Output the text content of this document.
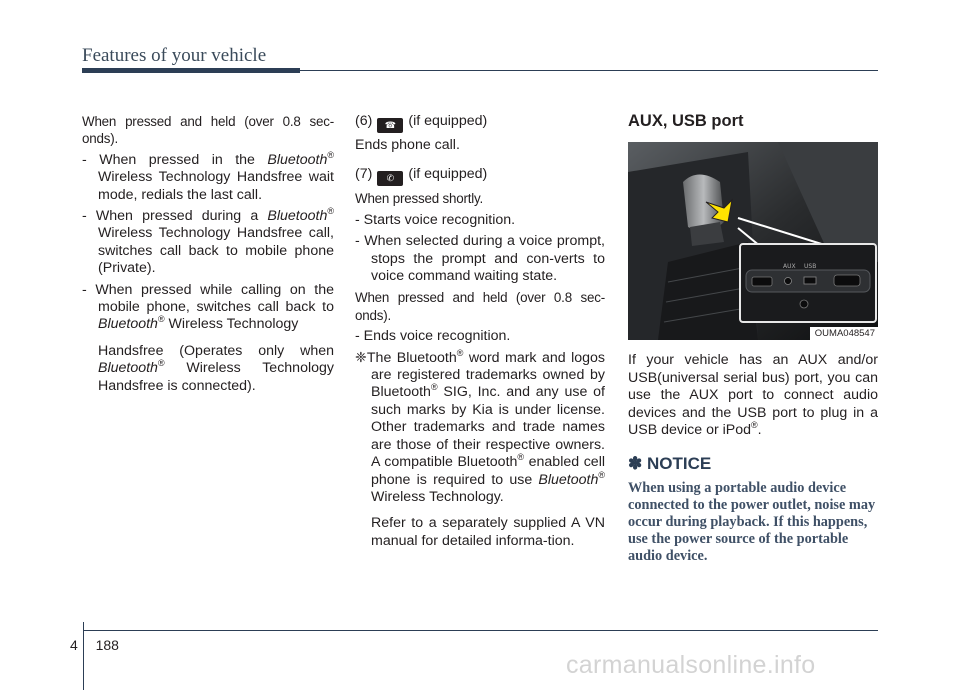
Features of your vehicle

When pressed and held (over 0.8 sec-onds).

- When pressed in the Bluetooth® Wireless Technology Handsfree wait mode, redials the last call.

- When pressed during a Bluetooth® Wireless Technology Handsfree call, switches call back to mobile phone (Private).

- When pressed while calling on the mobile phone, switches call back to Bluetooth® Wireless Technology

Handsfree (Operates only when Bluetooth® Wireless Technology Handsfree is connected).

(6) ☎ (if equipped)

Ends phone call.

(7) ✆ (if equipped)

When pressed shortly.

- Starts voice recognition.

- When selected during a voice prompt, stops the prompt and con-verts to voice command waiting state.

When pressed and held (over 0.8 sec-onds).

- Ends voice recognition.

❈The Bluetooth® word mark and logos are registered trademarks owned by Bluetooth® SIG, Inc. and any use of such marks by Kia is under license. Other trademarks and trade names are those of their respective owners. A compatible Bluetooth® enabled cell phone is required to use Bluetooth® Wireless Technology.

Refer to a separately supplied A VN manual for detailed informa-tion.

AUX, USB port

AUX USB
OUMA048547

If your vehicle has an AUX and/or USB(universal serial bus) port, you can use the AUX port to connect audio devices and the USB port to plug in a USB device or iPod®.

✽ NOTICE

When using a portable audio device connected to the power outlet, noise may occur during playback. If this happens, use the power source of the portable audio device.

4 188
carmanualsonline.info
